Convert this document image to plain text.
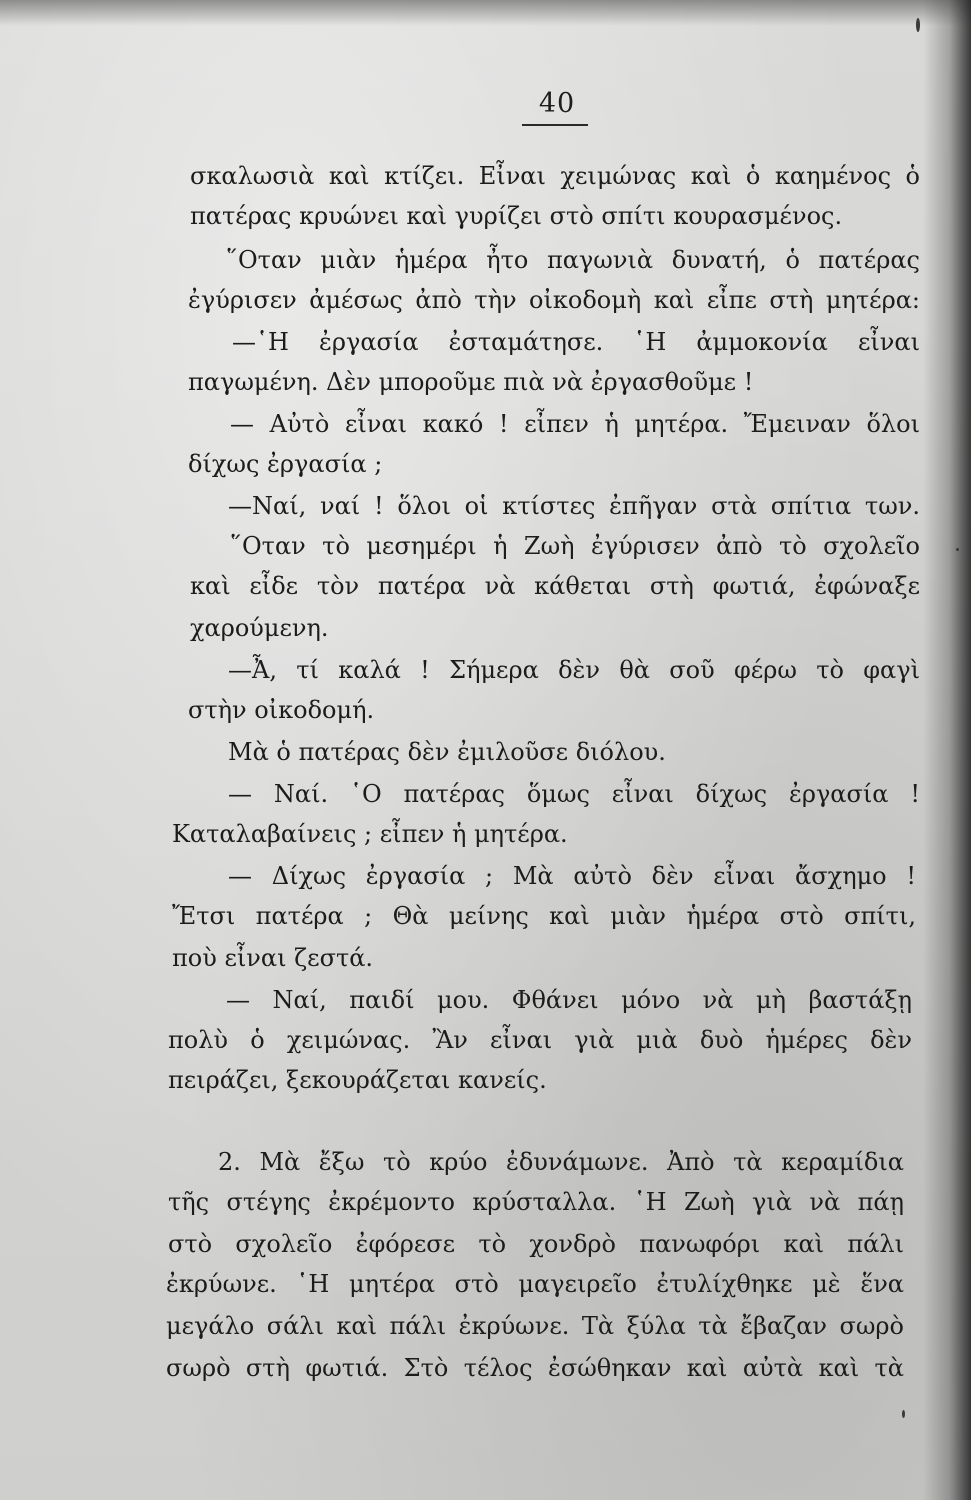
40
σκαλωσιὰ καὶ κτίζει. Εἶναι χειμώνας καὶ ὁ καημένος ὁ
πατέρας κρυώνει καὶ γυρίζει στὸ σπίτι κουρασμένος.
῞Οταν μιὰν ἡμέρα ἦτο παγωνιὰ δυνατή, ὁ πατέρας
ἐγύρισεν ἀμέσως ἀπὸ τὴν οἰκοδομὴ καὶ εἶπε στὴ μητέρα:
—῾Η ἐργασία ἐσταμάτησε. ῾Η ἀμμοκονία εἶναι
παγωμένη. Δὲν μποροῦμε πιὰ νὰ ἐργασθοῦμε !
— Αὐτὸ εἶναι κακό ! εἶπεν ἡ μητέρα. Ἔμειναν ὅλοι
δίχως ἐργασία ;
—Ναί, ναί ! ὅλοι οἱ κτίστες ἐπῆγαν στὰ σπίτια των.
῞Οταν τὸ μεσημέρι ἡ Ζωὴ ἐγύρισεν ἀπὸ τὸ σχολεῖο
καὶ εἶδε τὸν πατέρα νὰ κάθεται στὴ φωτιά, ἐφώναξε
χαρούμενη.
—Ἆ, τί καλά ! Σήμερα δὲν θὰ σοῦ φέρω τὸ φαγὶ
στὴν οἰκοδομή.
Μὰ ὁ πατέρας δὲν ἐμιλοῦσε διόλου.
— Ναί. ῾Ο πατέρας ὅμως εἶναι δίχως ἐργασία !
Καταλαβαίνεις ; εἶπεν ἡ μητέρα.
— Δίχως ἐργασία ; Μὰ αὐτὸ δὲν εἶναι ἄσχημο !
Ἔτσι πατέρα ; Θὰ μείνης καὶ μιὰν ἡμέρα στὸ σπίτι,
ποὺ εἶναι ζεστά.
— Ναί, παιδί μου. Φθάνει μόνο νὰ μὴ βαστάξῃ
πολὺ ὁ χειμώνας. Ἂν εἶναι γιὰ μιὰ δυὸ ἡμέρες δὲν
πειράζει, ξεκουράζεται κανείς.
2. Μὰ ἔξω τὸ κρύο ἐδυνάμωνε. Ἀπὸ τὰ κεραμίδια
τῆς στέγης ἐκρέμοντο κρύσταλλα. ῾Η Ζωὴ γιὰ νὰ πάῃ
στὸ σχολεῖο ἐφόρεσε τὸ χονδρὸ πανωφόρι καὶ πάλι
ἐκρύωνε. ῾Η μητέρα στὸ μαγειρεῖο ἐτυλίχθηκε μὲ ἕνα
μεγάλο σάλι καὶ πάλι ἐκρύωνε. Τὰ ξύλα τὰ ἔβαζαν σωρὸ
σωρὸ στὴ φωτιά. Στὸ τέλος ἐσώθηκαν καὶ αὐτὰ καὶ τὰ
